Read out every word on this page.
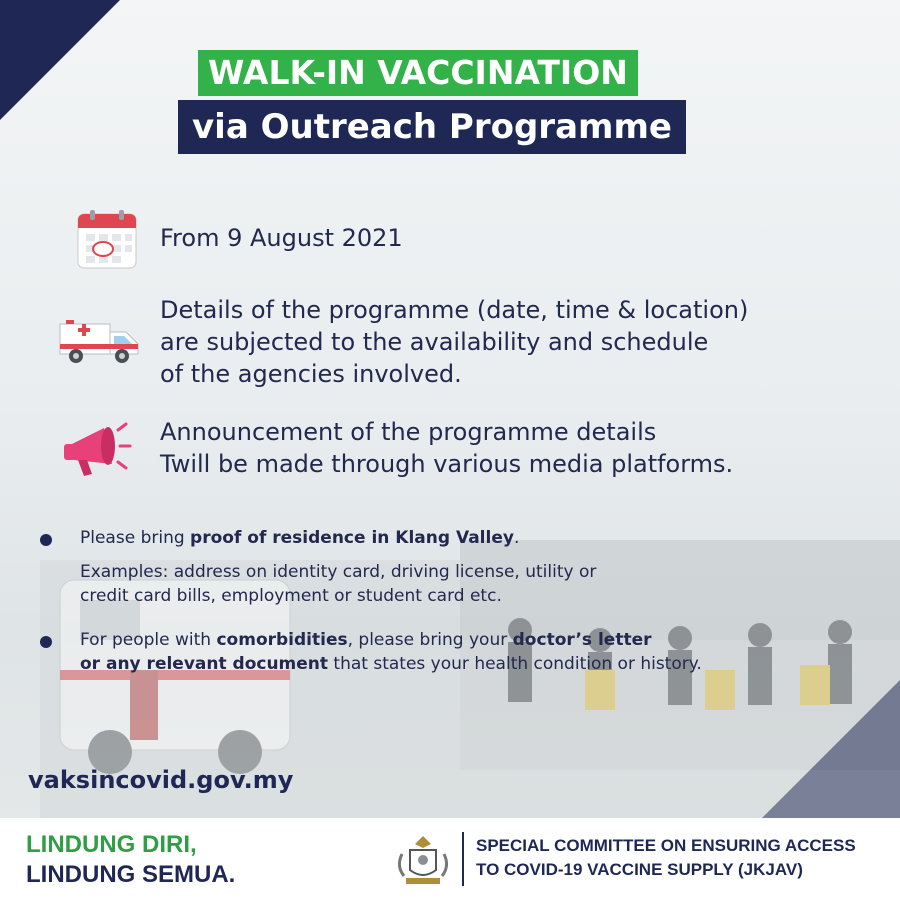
WALK-IN VACCINATION
via Outreach Programme
From 9 August 2021
Details of the programme (date, time & location)
are subjected to the availability and schedule
of the agencies involved.
Announcement of the programme details
Twill be made through various media platforms.
Please bring proof of residence in Klang Valley.
Examples: address on identity card, driving license, utility or
credit card bills, employment or student card etc.
For people with comorbidities, please bring your doctor’s letter
or any relevant document that states your health condition or history.
vaksincovid.gov.my
LINDUNG DIRI,
LINDUNG SEMUA.
SPECIAL COMMITTEE ON ENSURING ACCESS
TO COVID-19 VACCINE SUPPLY (JKJAV)
